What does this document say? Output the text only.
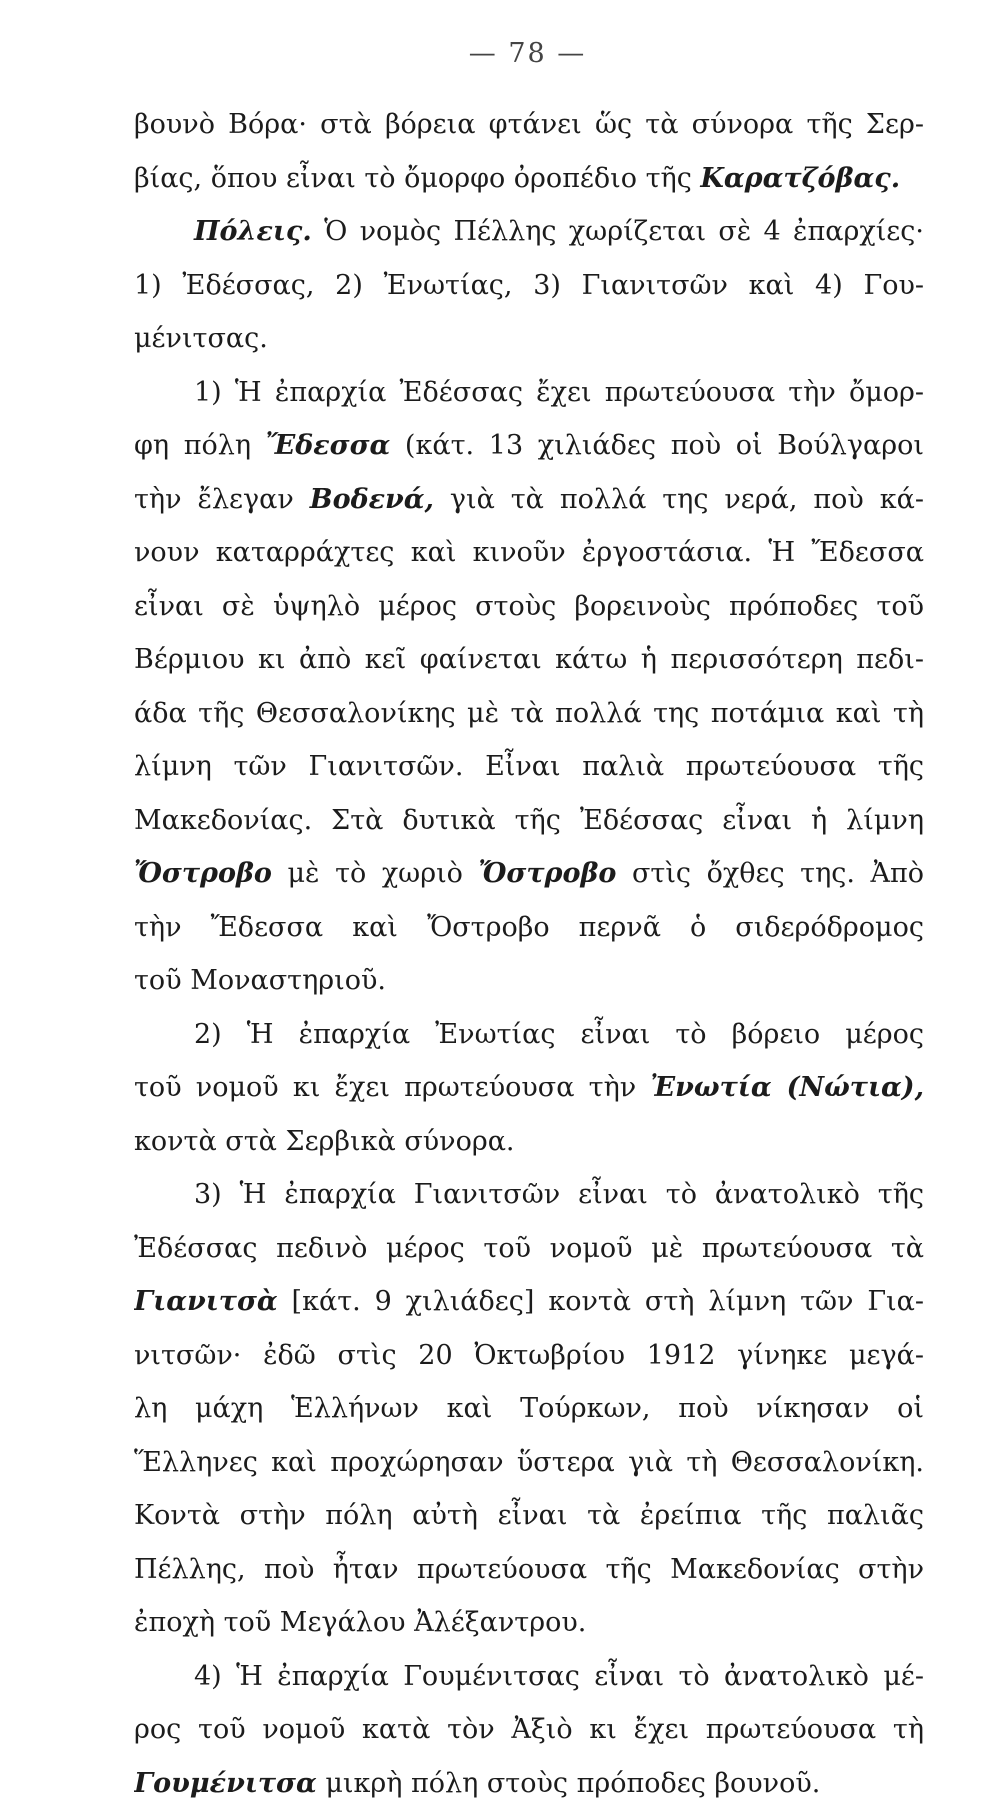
— 78 —
βουνὸ Βόρα· στὰ βόρεια φτάνει ὥς τὰ σύνορα τῆς Σερ-
βίας, ὅπου εἶναι τὸ ὄμορφο ὀροπέδιο τῆς Καρατζόβας.
Πόλεις. Ὁ νομὸς Πέλλης χωρίζεται σὲ 4 ἐπαρχίες·
1) Ἐδέσσας, 2) Ἐνωτίας, 3) Γιανιτσῶν καὶ 4) Γου-
μένιτσας.
1) Ἡ ἐπαρχία Ἐδέσσας ἔχει πρωτεύουσα τὴν ὄμορ-
φη πόλη Ἔδεσσα (κάτ. 13 χιλιάδες ποὺ οἱ Βούλγαροι
τὴν ἔλεγαν Βοδενά, γιὰ τὰ πολλά της νερά, ποὺ κά-
νουν καταρράχτες καὶ κινοῦν ἐργοστάσια. Ἡ Ἔδεσσα
εἶναι σὲ ὑψηλὸ μέρος στοὺς βορεινοὺς πρόποδες τοῦ
Βέρμιου κι ἀπὸ κεῖ φαίνεται κάτω ἡ περισσότερη πεδι-
άδα τῆς Θεσσαλονίκης μὲ τὰ πολλά της ποτάμια καὶ τὴ
λίμνη τῶν Γιανιτσῶν. Εἶναι παλιὰ πρωτεύουσα τῆς
Μακεδονίας. Στὰ δυτικὰ τῆς Ἐδέσσας εἶναι ἡ λίμνη
Ὄστροβο μὲ τὸ χωριὸ Ὄστροβο στὶς ὄχθες της. Ἀπὸ
τὴν Ἔδεσσα καὶ Ὄστροβο περνᾶ ὁ σιδερόδρομος
τοῦ Μοναστηριοῦ.
2) Ἡ ἐπαρχία Ἐνωτίας εἶναι τὸ βόρειο μέρος
τοῦ νομοῦ κι ἔχει πρωτεύουσα τὴν Ἐνωτία (Νώτια),
κοντὰ στὰ Σερβικὰ σύνορα.
3) Ἡ ἐπαρχία Γιανιτσῶν εἶναι τὸ ἀνατολικὸ τῆς
Ἐδέσσας πεδινὸ μέρος τοῦ νομοῦ μὲ πρωτεύουσα τὰ
Γιανιτσὰ [κάτ. 9 χιλιάδες] κοντὰ στὴ λίμνη τῶν Για-
νιτσῶν· ἐδῶ στὶς 20 Ὀκτωβρίου 1912 γίνηκε μεγά-
λη μάχη Ἑλλήνων καὶ Τούρκων, ποὺ νίκησαν οἱ
Ἕλληνες καὶ προχώρησαν ὕστερα γιὰ τὴ Θεσσαλονίκη.
Κοντὰ στὴν πόλη αὐτὴ εἶναι τὰ ἐρείπια τῆς παλιᾶς
Πέλλης, ποὺ ἦταν πρωτεύουσα τῆς Μακεδονίας στὴν
ἐποχὴ τοῦ Μεγάλου Ἀλέξαντρου.
4) Ἡ ἐπαρχία Γουμένιτσας εἶναι τὸ ἀνατολικὸ μέ-
ρος τοῦ νομοῦ κατὰ τὸν Ἀξιὸ κι ἔχει πρωτεύουσα τὴ
Γουμένιτσα μικρὴ πόλη στοὺς πρόποδες βουνοῦ.
